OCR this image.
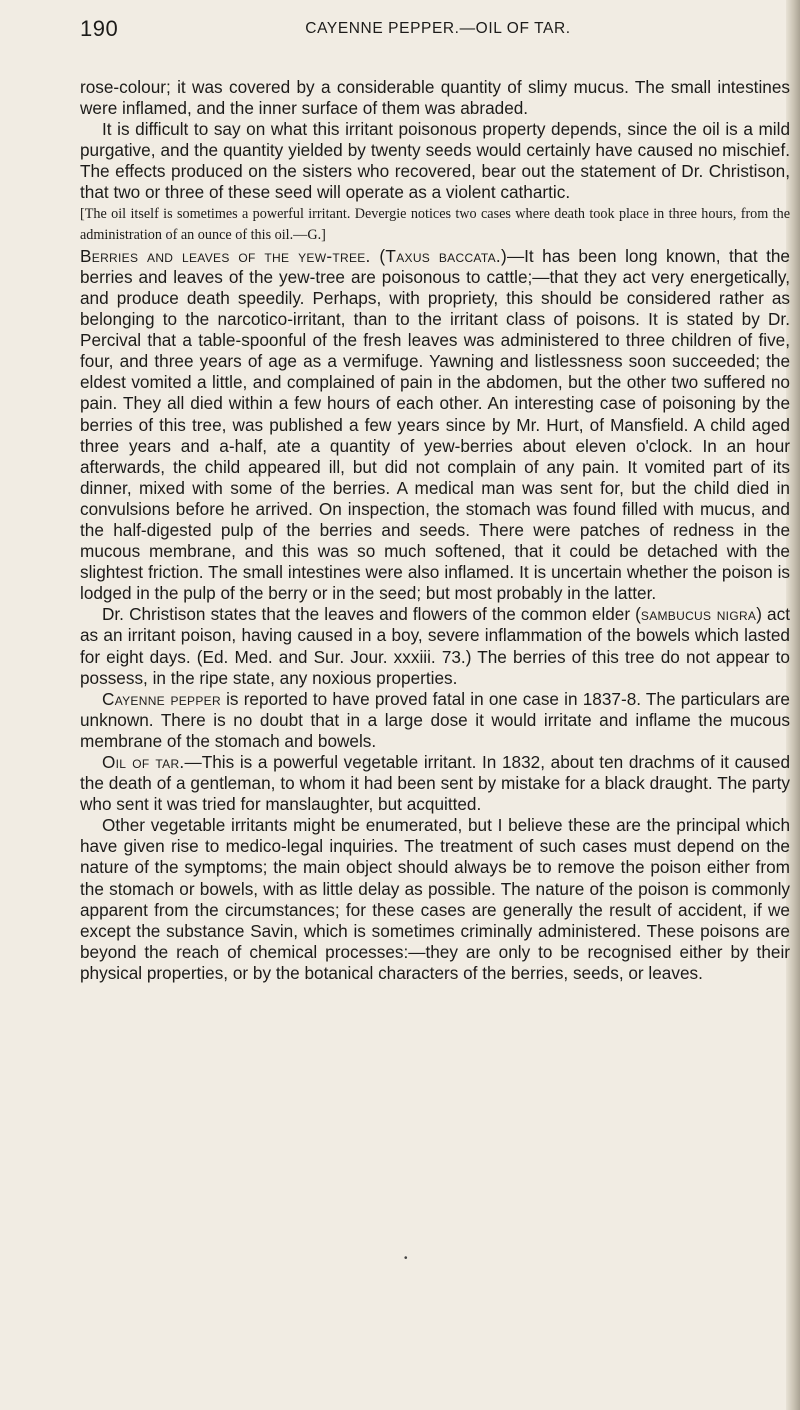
190	CAYENNE PEPPER.—OIL OF TAR.

rose-colour; it was covered by a considerable quantity of slimy mucus. The small intestines were inflamed, and the inner surface of them was abraded.

It is difficult to say on what this irritant poisonous property depends, since the oil is a mild purgative, and the quantity yielded by twenty seeds would certainly have caused no mischief. The effects produced on the sisters who recovered, bear out the statement of Dr. Christison, that two or three of these seed will operate as a violent cathartic.

[The oil itself is sometimes a powerful irritant. Devergie notices two cases where death took place in three hours, from the administration of an ounce of this oil.—G.]

Berries and leaves of the yew-tree. (Taxus baccata.)—It has been long known, that the berries and leaves of the yew-tree are poisonous to cattle;—that they act very energetically, and produce death speedily. Perhaps, with propriety, this should be considered rather as belonging to the narcotico-irritant, than to the irritant class of poisons. It is stated by Dr. Percival that a table-spoonful of the fresh leaves was administered to three children of five, four, and three years of age as a vermifuge. Yawning and listlessness soon succeeded; the eldest vomited a little, and complained of pain in the abdomen, but the other two suffered no pain. They all died within a few hours of each other. An interesting case of poisoning by the berries of this tree, was published a few years since by Mr. Hurt, of Mansfield. A child aged three years and a-half, ate a quantity of yew-berries about eleven o'clock. In an hour afterwards, the child appeared ill, but did not complain of any pain. It vomited part of its dinner, mixed with some of the berries. A medical man was sent for, but the child died in convulsions before he arrived. On inspection, the stomach was found filled with mucus, and the half-digested pulp of the berries and seeds. There were patches of redness in the mucous membrane, and this was so much softened, that it could be detached with the slightest friction. The small intestines were also inflamed. It is uncertain whether the poison is lodged in the pulp of the berry or in the seed; but most probably in the latter.

Dr. Christison states that the leaves and flowers of the common elder (sambucus nigra) act as an irritant poison, having caused in a boy, severe inflammation of the bowels which lasted for eight days. (Ed. Med. and Sur. Jour. xxxiii. 73.) The berries of this tree do not appear to possess, in the ripe state, any noxious properties.

Cayenne pepper is reported to have proved fatal in one case in 1837-8. The particulars are unknown. There is no doubt that in a large dose it would irritate and inflame the mucous membrane of the stomach and bowels.

Oil of tar.—This is a powerful vegetable irritant. In 1832, about ten drachms of it caused the death of a gentleman, to whom it had been sent by mistake for a black draught. The party who sent it was tried for manslaughter, but acquitted.

Other vegetable irritants might be enumerated, but I believe these are the principal which have given rise to medico-legal inquiries. The treatment of such cases must depend on the nature of the symptoms; the main object should always be to remove the poison either from the stomach or bowels, with as little delay as possible. The nature of the poison is commonly apparent from the circumstances; for these cases are generally the result of accident, if we except the substance Savin, which is sometimes criminally administered. These poisons are beyond the reach of chemical processes:—they are only to be recognised either by their physical properties, or by the botanical characters of the berries, seeds, or leaves.

•
